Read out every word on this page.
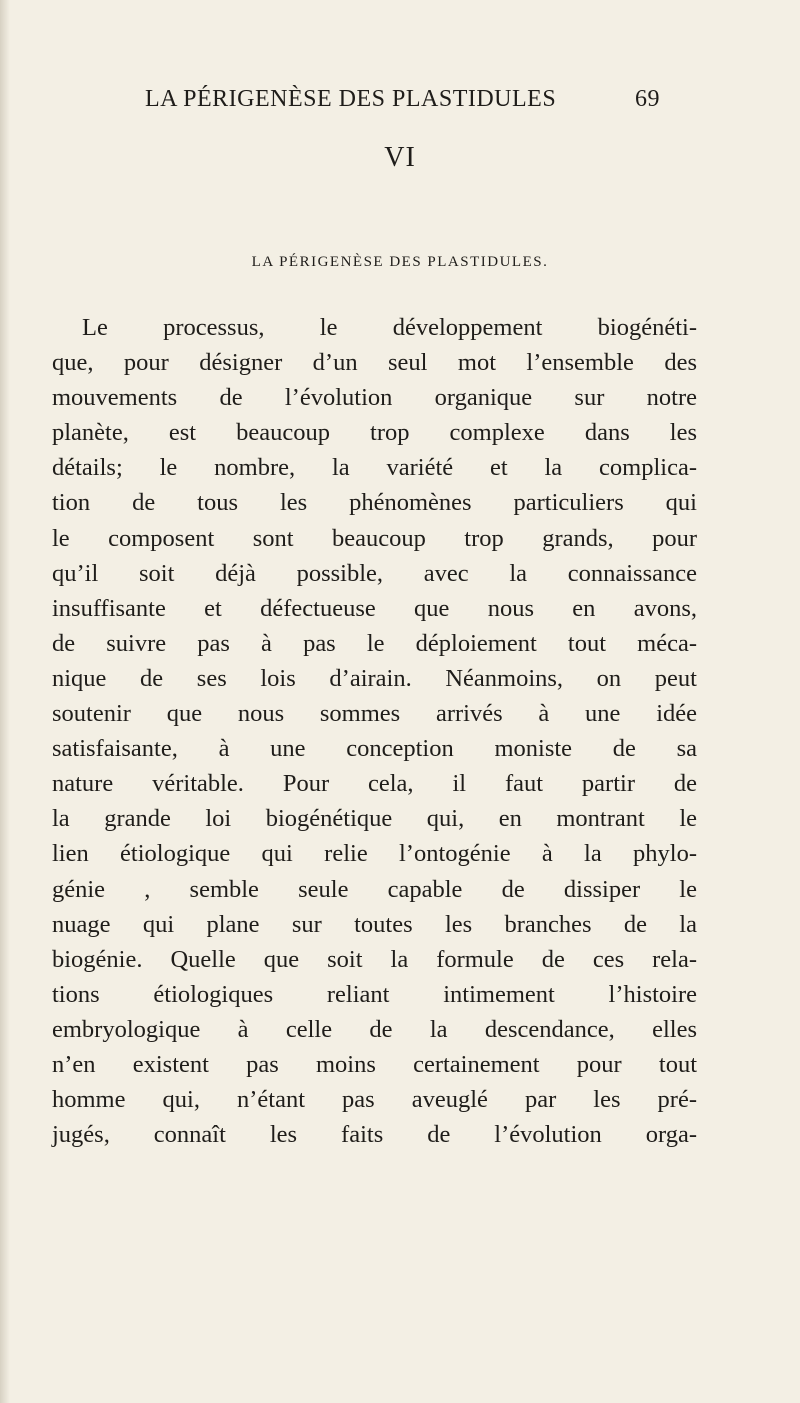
LA PÉRIGENÈSE DES PLASTIDULES	69
VI
LA PÉRIGENÈSE DES PLASTIDULES.
Le processus, le développement biogénéti-
que, pour désigner d’un seul mot l’ensemble des
mouvements de l’évolution organique sur notre
planète, est beaucoup trop complexe dans les
détails; le nombre, la variété et la complica-
tion de tous les phénomènes particuliers qui
le composent sont beaucoup trop grands, pour
qu’il soit déjà possible, avec la connaissance
insuffisante et défectueuse que nous en avons,
de suivre pas à pas le déploiement tout méca-
nique de ses lois d’airain. Néanmoins, on peut
soutenir que nous sommes arrivés à une idée
satisfaisante, à une conception moniste de sa
nature véritable. Pour cela, il faut partir de
la grande loi biogénétique qui, en montrant le
lien étiologique qui relie l’ontogénie à la phylo-
génie , semble seule capable de dissiper le
nuage qui plane sur toutes les branches de la
biogénie. Quelle que soit la formule de ces rela-
tions étiologiques reliant intimement l’histoire
embryologique à celle de la descendance, elles
n’en existent pas moins certainement pour tout
homme qui, n’étant pas aveuglé par les pré-
jugés, connaît les faits de l’évolution orga-
